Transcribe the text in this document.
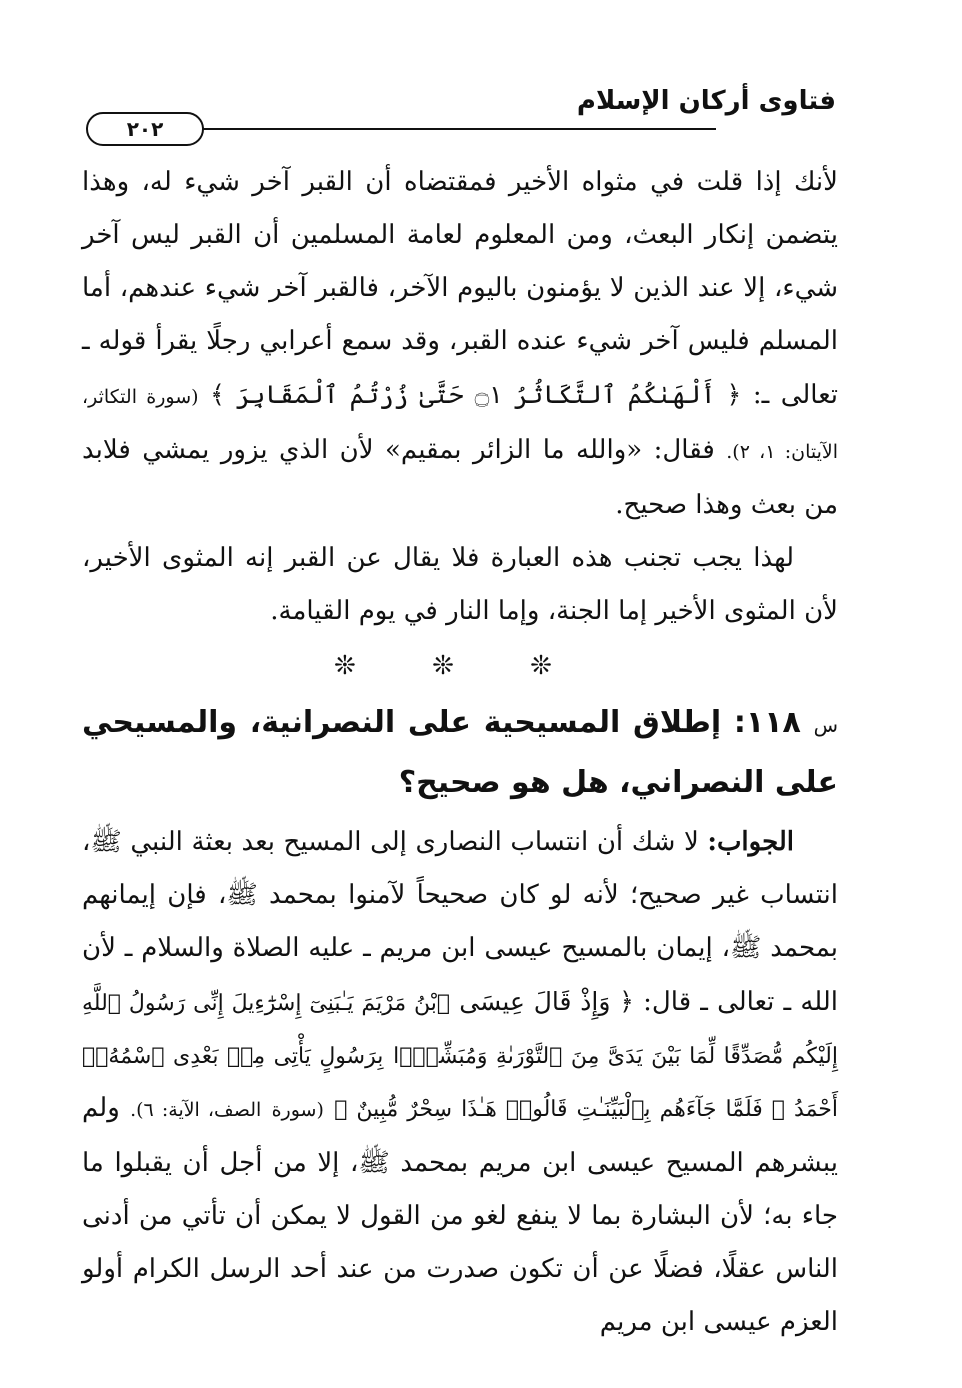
فتاوى أركان الإسلام
٢٠٢

لأنك إذا قلت في مثواه الأخير فمقتضاه أن القبر آخر شيء له، وهذا يتضمن إنكار البعث، ومن المعلوم لعامة المسلمين أن القبر ليس آخر شيء، إلا عند الذين لا يؤمنون باليوم الآخر، فالقبر آخر شيء عندهم، أما المسلم فليس آخر شيء عنده القبر، وقد سمع أعرابي رجلًا يقرأ قوله ـ تعالى ـ: ﴿ أَلْهَىٰكُمُ ٱلتَّكَاثُرُ ۝١ حَتَّىٰ زُرْتُمُ ٱلْمَقَابِرَ ﴾ (سورة التكاثر، الآيتان: ١، ٢). فقال: «والله ما الزائر بمقيم» لأن الذي يزور يمشي فلابد من بعث وهذا صحيح.

لهذا يجب تجنب هذه العبارة فلا يقال عن القبر إنه المثوى الأخير، لأن المثوى الأخير إما الجنة، وإما النار في يوم القيامة.

❊ ❊ ❊

س ١١٨: إطلاق المسيحية على النصرانية، والمسيحي على النصراني، هل هو صحيح؟

الجواب: لا شك أن انتساب النصارى إلى المسيح بعد بعثة النبي ﷺ، انتساب غير صحيح؛ لأنه لو كان صحيحاً لآمنوا بمحمد ﷺ، فإن إيمانهم بمحمد ﷺ، إيمان بالمسيح عيسى ابن مريم ـ عليه الصلاة والسلام ـ لأن الله ـ تعالى ـ قال: ﴿ وَإِذْ قَالَ عِيسَى ٱبْنُ مَرْيَمَ يَـٰبَنِىٓ إِسْرَٰٓءِيلَ إِنِّى رَسُولُ ٱللَّهِ إِلَيْكُم مُّصَدِّقًا لِّمَا بَيْنَ يَدَىَّ مِنَ ٱلتَّوْرَىٰةِ وَمُبَشِّرًۢا بِرَسُولٍ يَأْتِى مِنۢ بَعْدِى ٱسْمُهُۥٓ أَحْمَدُ ۖ فَلَمَّا جَآءَهُم بِٱلْبَيِّنَـٰتِ قَالُوا۟ هَـٰذَا سِحْرٌ مُّبِينٌ ﴾ (سورة الصف، الآية: ٦). ولم يبشرهم المسيح عيسى ابن مريم بمحمد ﷺ، إلا من أجل أن يقبلوا ما جاء به؛ لأن البشارة بما لا ينفع لغو من القول لا يمكن أن تأتي من أدنى الناس عقلًا، فضلًا عن أن تكون صدرت من عند أحد الرسل الكرام أولو العزم عيسى ابن مريم
